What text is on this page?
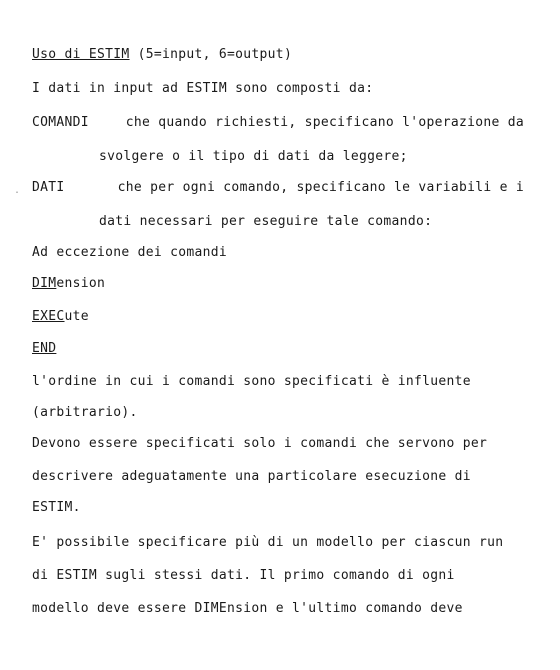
Uso di ESTIM (5=input, 6=output)
I dati in input ad ESTIM sono composti da:
COMANDI che quando richiesti, specificano l'operazione da
svolgere o il tipo di dati da leggere;
. DATI che per ogni comando, specificano le variabili e i
dati necessari per eseguire tale comando:
Ad eccezione dei comandi
DIMension
EXECute
END
l'ordine in cui i comandi sono specificati è influente
(arbitrario).
Devono essere specificati solo i comandi che servono per
descrivere adeguatamente una particolare esecuzione di
ESTIM.
E' possibile specificare più di un modello per ciascun run
di ESTIM sugli stessi dati. Il primo comando di ogni
modello deve essere DIMEnsion e l'ultimo comando deve
